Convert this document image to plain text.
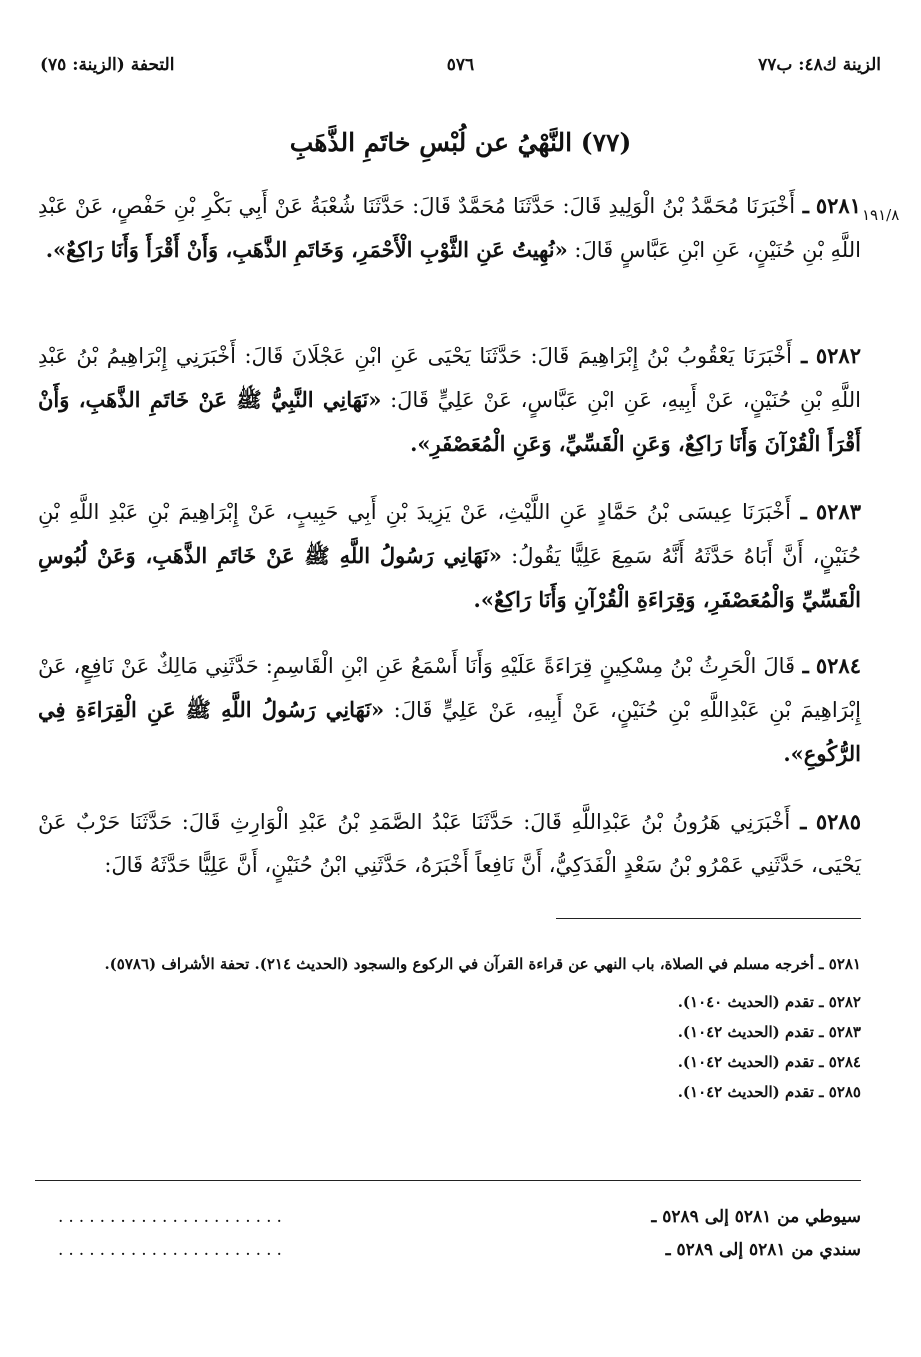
الزينة ك٤٨: ب٧٧
٥٧٦
التحفة (الزينة: ٧٥)
(٧٧) النَّهْيُ عن لُبْسِ خاتَمِ الذَّهَبِ
١٩١/٨
٥٢٨١ ـ أَخْبَرَنَا مُحَمَّدُ بْنُ الْوَلِيدِ قَالَ: حَدَّثَنَا مُحَمَّدٌ قَالَ: حَدَّثَنَا شُعْبَةُ عَنْ أَبِي بَكْرِ بْنِ حَفْصٍ، عَنْ عَبْدِ اللَّهِ بْنِ حُنَيْنٍ، عَنِ ابْنِ عَبَّاسٍ قَالَ: «نُهِيتُ عَنِ الثَّوْبِ الْأَحْمَرِ، وَخَاتَمِ الذَّهَبِ، وَأَنْ أَقْرَأَ وَأَنَا رَاكِعٌ».
٥٢٨٢ ـ أَخْبَرَنَا يَعْقُوبُ بْنُ إِبْرَاهِيمَ قَالَ: حَدَّثَنَا يَحْيَى عَنِ ابْنِ عَجْلَانَ قَالَ: أَخْبَرَنِي إِبْرَاهِيمُ بْنُ عَبْدِ اللَّهِ بْنِ حُنَيْنٍ، عَنْ أَبِيهِ، عَنِ ابْنِ عَبَّاسٍ، عَنْ عَلِيٍّ قَالَ: «نَهَانِي النَّبِيُّ ﷺ عَنْ خَاتَمِ الذَّهَبِ، وَأَنْ أَقْرَأَ الْقُرْآنَ وَأَنَا رَاكِعٌ، وَعَنِ الْقَسِّيِّ، وَعَنِ الْمُعَصْفَرِ».
٥٢٨٣ ـ أَخْبَرَنَا عِيسَى بْنُ حَمَّادٍ عَنِ اللَّيْثِ، عَنْ يَزِيدَ بْنِ أَبِي حَبِيبٍ، عَنْ إِبْرَاهِيمَ بْنِ عَبْدِ اللَّهِ بْنِ حُنَيْنٍ، أَنَّ أَبَاهُ حَدَّثَهُ أَنَّهُ سَمِعَ عَلِيًّا يَقُولُ: «نَهَانِي رَسُولُ اللَّهِ ﷺ عَنْ خَاتَمِ الذَّهَبِ، وَعَنْ لُبُوسِ الْقَسِّيِّ وَالْمُعَصْفَرِ، وَقِرَاءَةِ الْقُرْآنِ وَأَنَا رَاكِعٌ».
٥٢٨٤ ـ قَالَ الْحَرِثُ بْنُ مِسْكِينٍ قِرَاءَةً عَلَيْهِ وَأَنَا أَسْمَعُ عَنِ ابْنِ الْقَاسِمِ: حَدَّثَنِي مَالِكٌ عَنْ نَافِعٍ، عَنْ إِبْرَاهِيمَ بْنِ عَبْدِاللَّهِ بْنِ حُنَيْنٍ، عَنْ أَبِيهِ، عَنْ عَلِيٍّ قَالَ: «نَهَانِي رَسُولُ اللَّهِ ﷺ عَنِ الْقِرَاءَةِ فِي الرُّكُوعِ».
٥٢٨٥ ـ أَخْبَرَنِي هَرُونُ بْنُ عَبْدِاللَّهِ قَالَ: حَدَّثَنَا عَبْدُ الصَّمَدِ بْنُ عَبْدِ الْوَارِثِ قَالَ: حَدَّثَنَا حَرْبٌ عَنْ يَحْيَى، حَدَّثَنِي عَمْرُو بْنُ سَعْدٍ الْفَدَكِيُّ، أَنَّ نَافِعاً أَخْبَرَهُ، حَدَّثَنِي ابْنُ حُنَيْنٍ، أَنَّ عَلِيًّا حَدَّثَهُ قَالَ:
٥٢٨١ ـ أخرجه مسلم في الصلاة، باب النهي عن قراءة القرآن في الركوع والسجود (الحديث ٢١٤). تحفة الأشراف (٥٧٨٦).
٥٢٨٢ ـ تقدم (الحديث ١٠٤٠).
٥٢٨٣ ـ تقدم (الحديث ١٠٤٢).
٥٢٨٤ ـ تقدم (الحديث ١٠٤٢).
٥٢٨٥ ـ تقدم (الحديث ١٠٤٢).
......................	سيوطي من ٥٢٨١ إلى ٥٢٨٩ ـ
......................	سندي من ٥٢٨١ إلى ٥٢٨٩ ـ
